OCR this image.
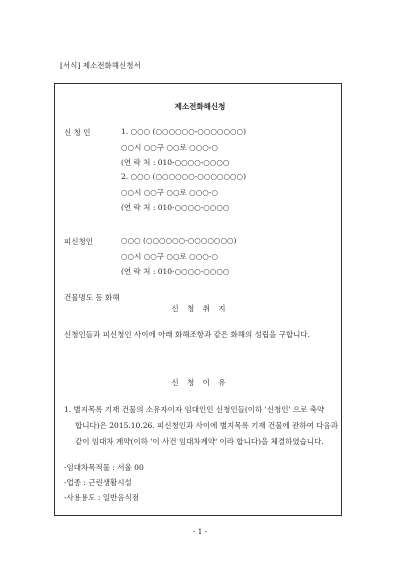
[서식] 제소전화해신청서
제소전화해신청
신 청 인	1. ○○○ (○○○○○○-○○○○○○○)
○○시 ○○구 ○○로 ○○○-○
(연 락 처 : 010-○○○○-○○○○
2. ○○○ (○○○○○○-○○○○○○○)
○○시 ○○구 ○○로 ○○○-○
(연 락 처 : 010-○○○○-○○○○
피신청인	○○○ (○○○○○○-○○○○○○○)
○○시 ○○구 ○○로 ○○○-○
(연 락 처 : 010-○○○○-○○○○
건물명도 등 화해
신 청 취 지
신청인들과 피신청인 사이에 아래 화해조항과 같은 화해의 성립을 구합니다.
신 청 이 유
1. 별지목록 기재 건물의 소유자이자 임대인인 신청인들(이하 '신청인' 으로 축약
합니다)은 2015.10.26. 피신청인과 사이에 별지목록 기재 건물에 관하여 다음과
같이 임대차 계약(이하 '이 사건 임대차계약' 이라 합니다)을 체결하였습니다.
-임대차목적물 : 서울 00
-업종 : 근린생활시설
-사용용도 : 일반음식점
- 1 -
